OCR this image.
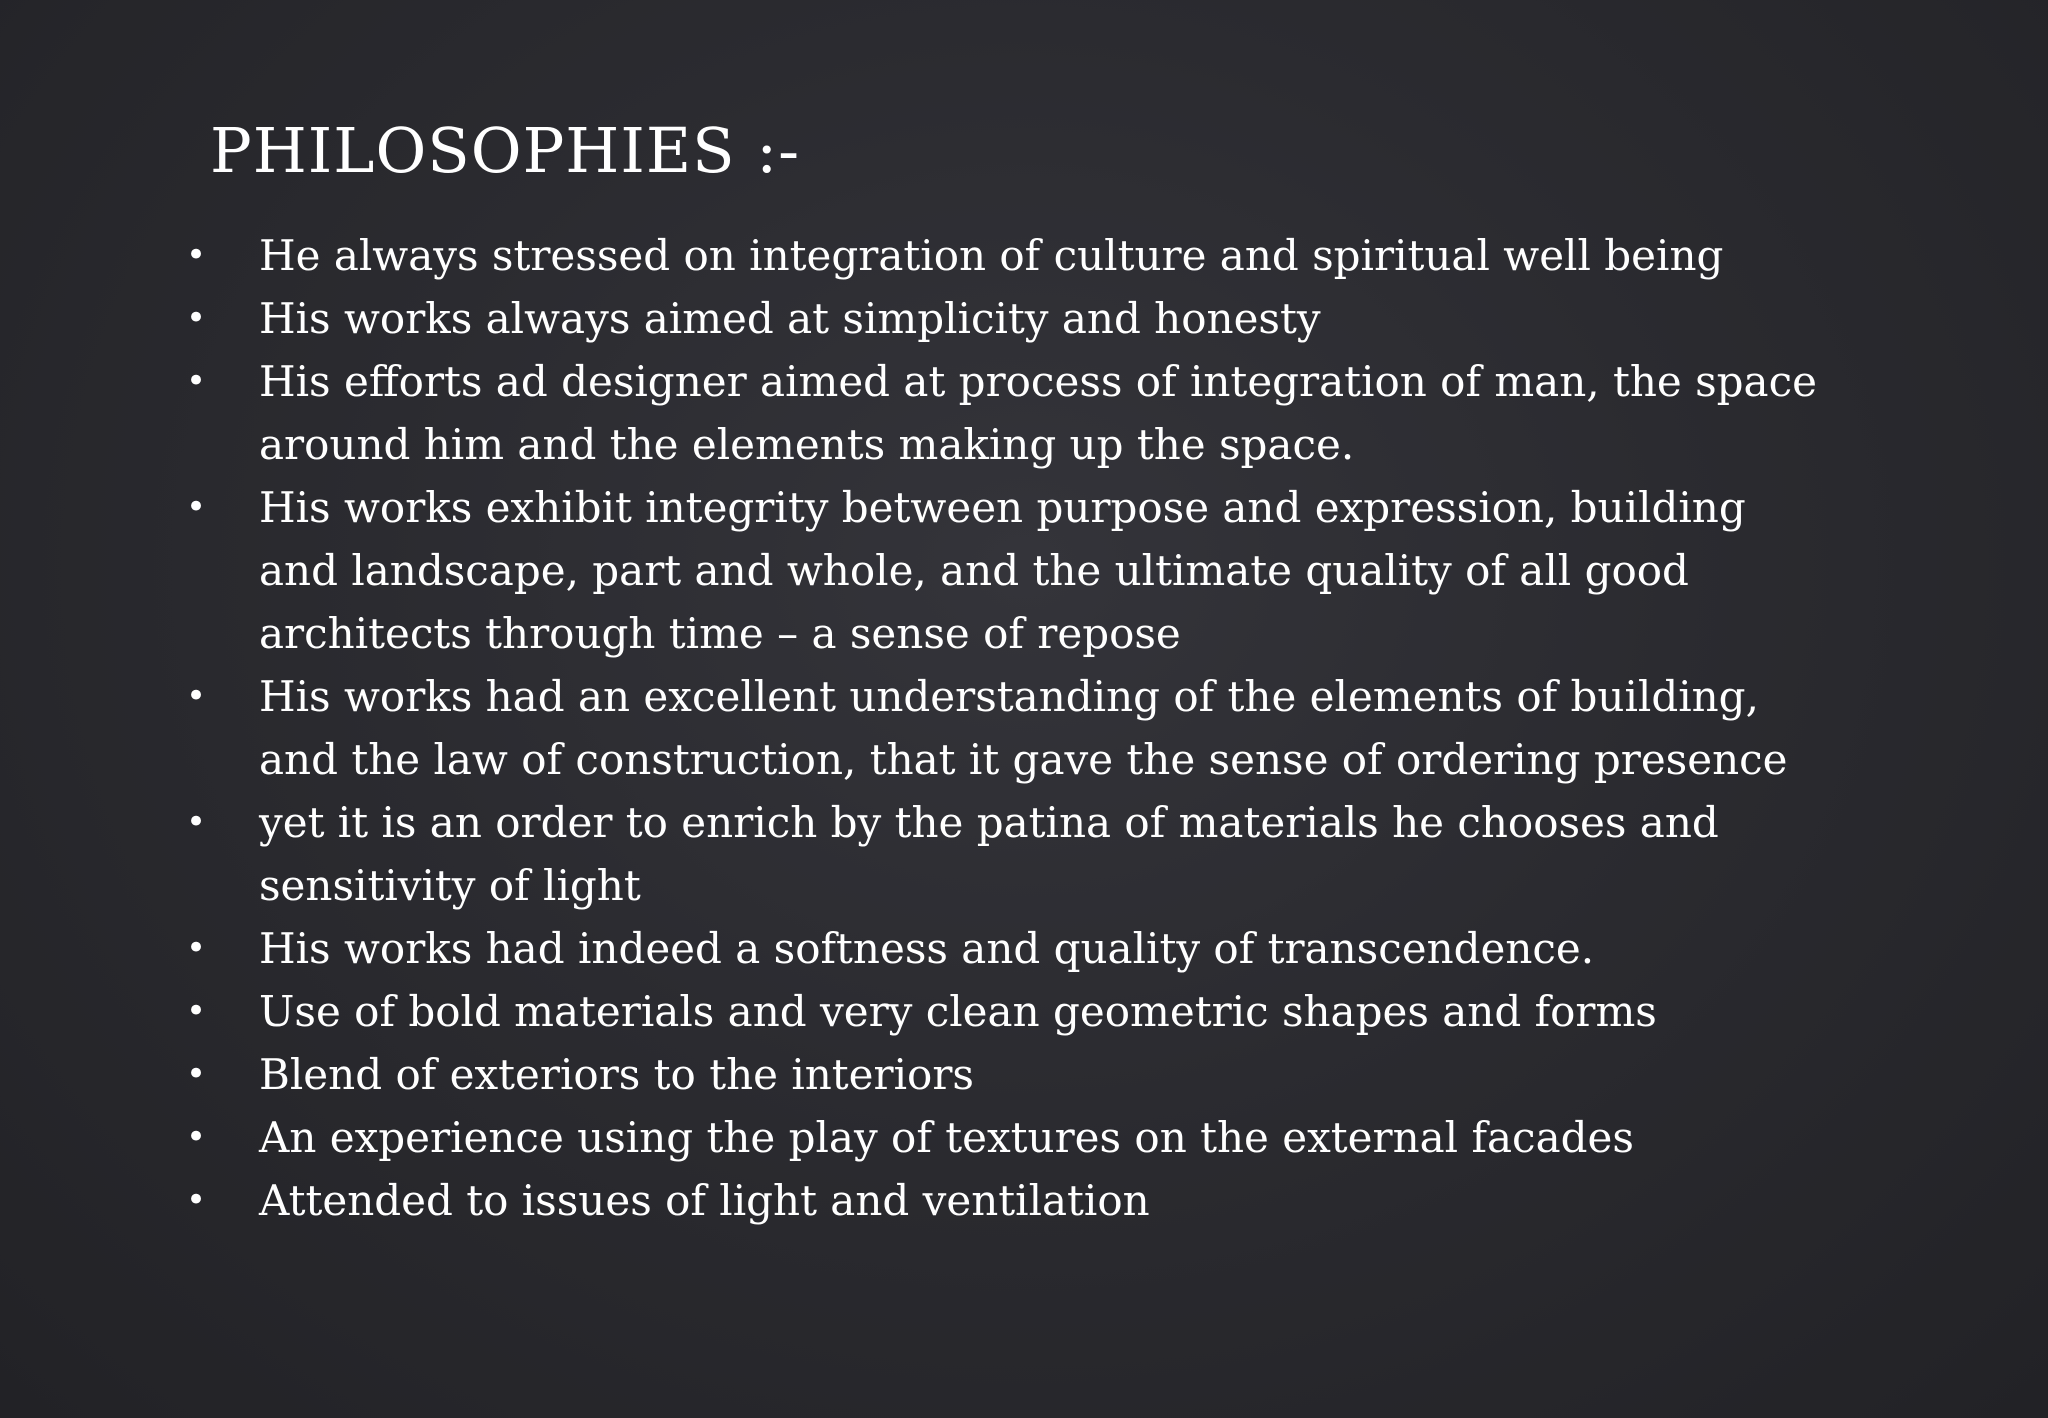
PHILOSOPHIES :-
•	He always stressed on integration of culture and spiritual well being
•	His works always aimed at simplicity and honesty
•	His efforts ad designer aimed at process of integration of man, the space around him and the elements making up the space.
•	His works exhibit integrity between purpose and expression, building and landscape, part and whole, and the ultimate quality of all good architects through time – a sense of repose
•	His works had an excellent understanding of the elements of building, and the law of construction, that it gave the sense of ordering presence
•	yet it is an order to enrich by the patina of materials he chooses and sensitivity of light
•	His works had indeed a softness and quality of transcendence.
•	Use of bold materials and very clean geometric shapes and forms
•	Blend of exteriors to the interiors
•	An experience using the play of textures on the external facades
•	Attended to issues of light and ventilation
